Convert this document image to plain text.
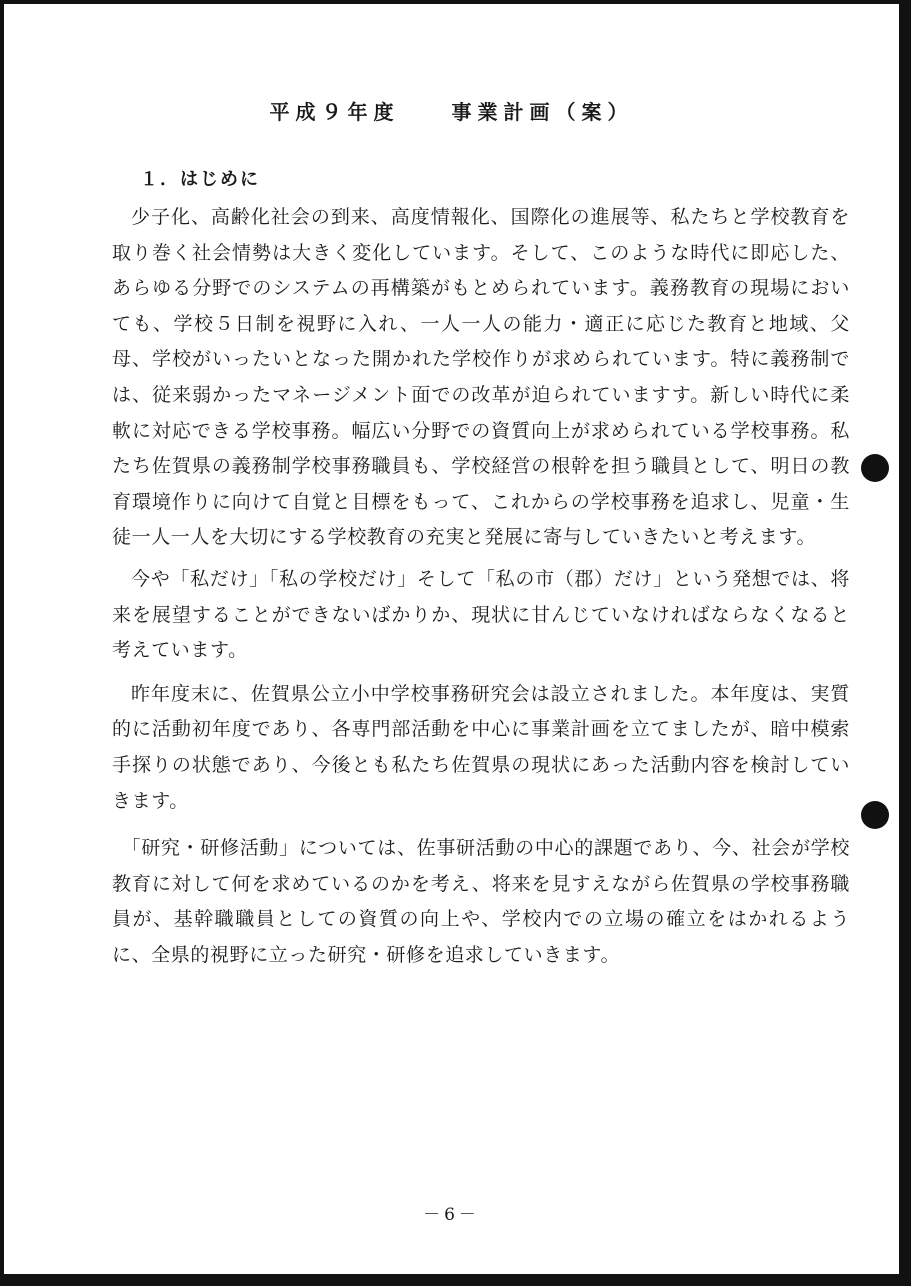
平成９年度	事業計画（案）
１．はじめに

少子化、高齢化社会の到来、高度情報化、国際化の進展等、私たちと学校教育を取り巻く社会情勢は大きく変化しています。そして、このような時代に即応した、あらゆる分野でのシステムの再構築がもとめられています。義務教育の現場においても、学校５日制を視野に入れ、一人一人の能力・適正に応じた教育と地域、父母、学校がいったいとなった開かれた学校作りが求められています。特に義務制では、従来弱かったマネージメント面での改革が迫られていますす。新しい時代に柔軟に対応できる学校事務。幅広い分野での資質向上が求められている学校事務。私たち佐賀県の義務制学校事務職員も、学校経営の根幹を担う職員として、明日の教育環境作りに向けて自覚と目標をもって、これからの学校事務を追求し、児童・生徒一人一人を大切にする学校教育の充実と発展に寄与していきたいと考えます。

今や「私だけ」「私の学校だけ」そして「私の市（郡）だけ」という発想では、将来を展望することができないばかりか、現状に甘んじていなければならなくなると考えています。

昨年度末に、佐賀県公立小中学校事務研究会は設立されました。本年度は、実質的に活動初年度であり、各専門部活動を中心に事業計画を立てましたが、暗中模索手探りの状態であり、今後とも私たち佐賀県の現状にあった活動内容を検討していきます。

「研究・研修活動」については、佐事研活動の中心的課題であり、今、社会が学校教育に対して何を求めているのかを考え、将来を見すえながら佐賀県の学校事務職員が、基幹職職員としての資質の向上や、学校内での立場の確立をはかれるように、全県的視野に立った研究・研修を追求していきます。

－6－
